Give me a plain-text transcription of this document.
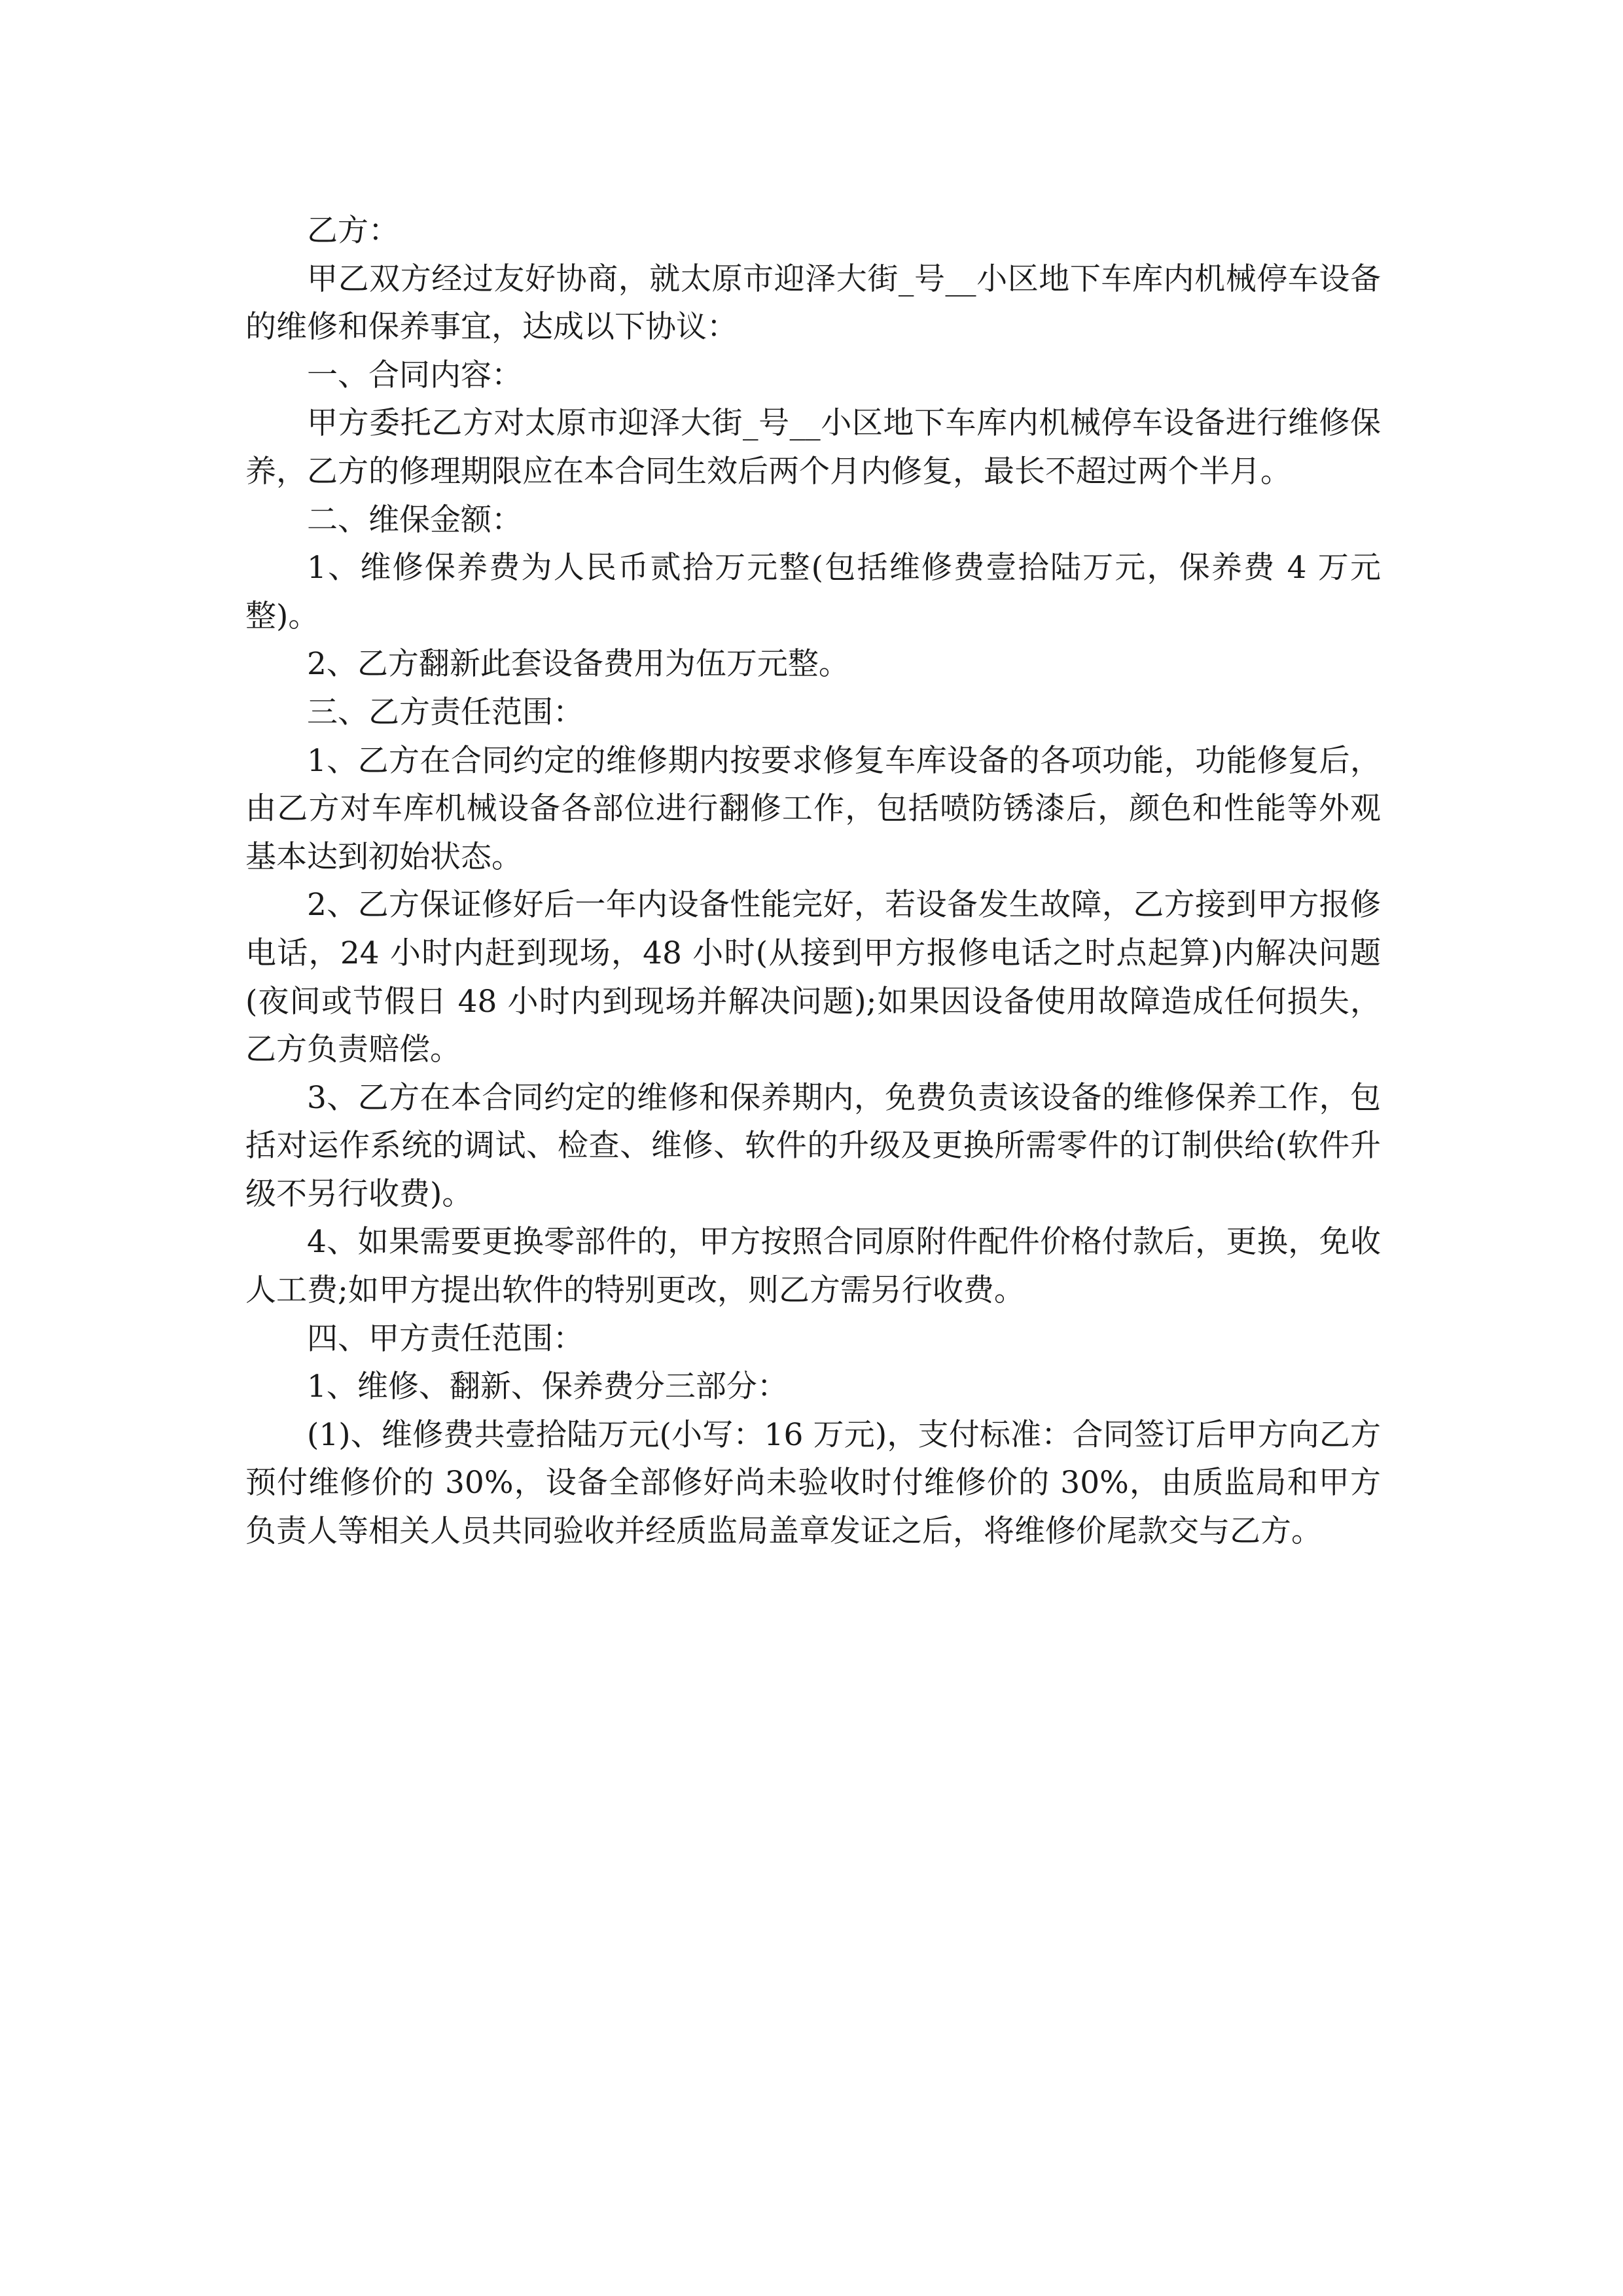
乙方：

甲乙双方经过友好协商，就太原市迎泽大街_号__小区地下车库内机械停车设备的维修和保养事宜，达成以下协议：

一、合同内容：

甲方委托乙方对太原市迎泽大街_号__小区地下车库内机械停车设备进行维修保养，乙方的修理期限应在本合同生效后两个月内修复，最长不超过两个半月。

二、维保金额：

1、维修保养费为人民币贰拾万元整(包括维修费壹拾陆万元，保养费 4 万元整)。

2、乙方翻新此套设备费用为伍万元整。

三、乙方责任范围：

1、乙方在合同约定的维修期内按要求修复车库设备的各项功能，功能修复后，由乙方对车库机械设备各部位进行翻修工作，包括喷防锈漆后，颜色和性能等外观基本达到初始状态。

2、乙方保证修好后一年内设备性能完好，若设备发生故障，乙方接到甲方报修电话，24 小时内赶到现场，48 小时(从接到甲方报修电话之时点起算)内解决问题(夜间或节假日 48 小时内到现场并解决问题);如果因设备使用故障造成任何损失，乙方负责赔偿。

3、乙方在本合同约定的维修和保养期内，免费负责该设备的维修保养工作，包括对运作系统的调试、检查、维修、软件的升级及更换所需零件的订制供给(软件升级不另行收费)。

4、如果需要更换零部件的，甲方按照合同原附件配件价格付款后，更换，免收人工费;如甲方提出软件的特别更改，则乙方需另行收费。

四、甲方责任范围：

1、维修、翻新、保养费分三部分：

(1)、维修费共壹拾陆万元(小写：16 万元)，支付标准：合同签订后甲方向乙方预付维修价的 30%，设备全部修好尚未验收时付维修价的 30%，由质监局和甲方负责人等相关人员共同验收并经质监局盖章发证之后，将维修价尾款交与乙方。
